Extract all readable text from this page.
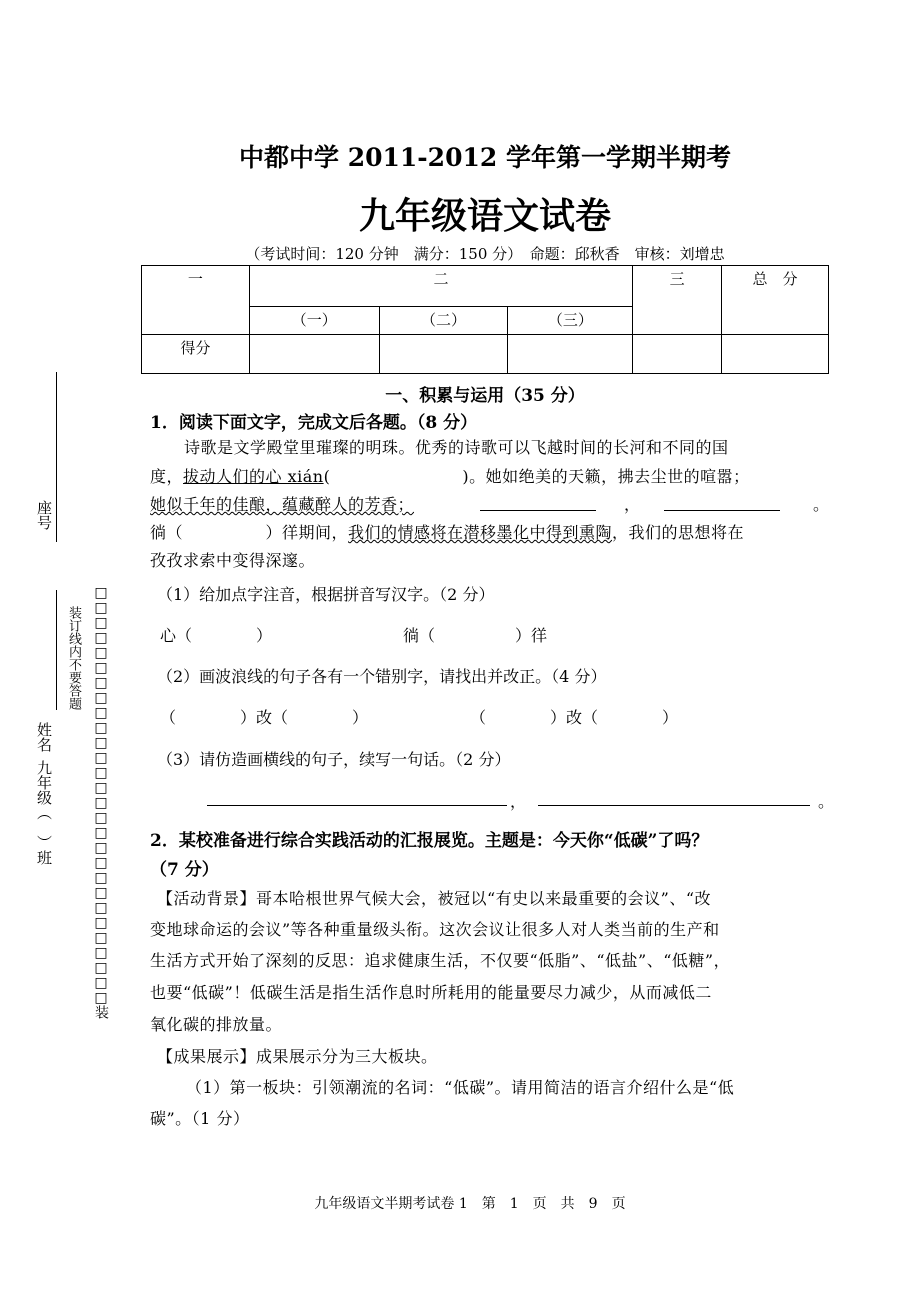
中都中学 2011-2012 学年第一学期半期考
九年级语文试卷
（考试时间：120 分钟　满分：150 分）　命题：邱秋香　审核：刘增忠
一	二			三	总　分
	（一）	（二）	（三）		
得分					
一、积累与运用（35 分）
1．阅读下面文字，完成文后各题。（8 分）
诗歌是文学殿堂里璀璨的明珠。优秀的诗歌可以飞越时间的长河和不同的国
度，拔动人们的心 xián(　　　　　　　　)。她如绝美的天籁，拂去尘世的喧嚣；
她似千年的佳酿，蕴藏醉人的芳香；	，	。
徜（　　　　　）徉期间，我们的情感将在潜移墨化中得到熏陶，我们的思想将在
孜孜求索中变得深邃。
（1）给加点字注音，根据拼音写汉字。（2 分）
心（　　　　）	徜（　　　　　）徉
（2）画波浪线的句子各有一个错别字，请找出并改正。（4 分）
（　　　　）改（　　　　）	（　　　　）改（　　　　）
（3）请仿造画横线的句子，续写一句话。（2 分）
，	。
2．某校准备进行综合实践活动的汇报展览。主题是：今天你“低碳”了吗？
（7 分）
【活动背景】哥本哈根世界气候大会，被冠以“有史以来最重要的会议”、“改
变地球命运的会议”等各种重量级头衔。这次会议让很多人对人类当前的生产和
生活方式开始了深刻的反思：追求健康生活，不仅要“低脂”、“低盐”、“低糖”，
也要“低碳”！低碳生活是指生活作息时所耗用的能量要尽力减少，从而减低二
氧化碳的排放量。
【成果展示】成果展示分为三大板块。
（1）第一板块：引领潮流的名词：“低碳”。请用简洁的语言介绍什么是“低
碳”。（1 分）
座号
姓名
九年级（　）班
装订线内不要答题
□□□□□□□□□□□□□□□□□□□□□□□□□□□□装
九年级语文半期考试卷 1　第　1　页　共　9　页
